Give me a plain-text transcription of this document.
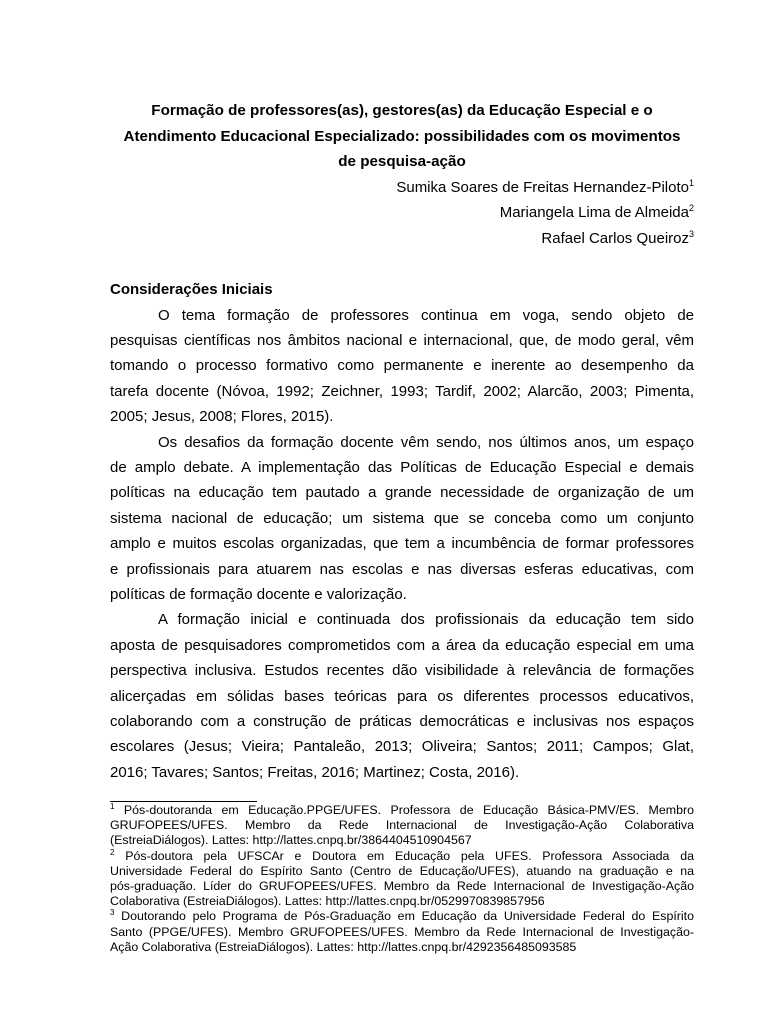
Formação de professores(as), gestores(as) da Educação Especial e o
Atendimento Educacional Especializado: possibilidades com os movimentos
de pesquisa-ação
Sumika Soares de Freitas Hernandez-Piloto$^1$
Mariangela Lima de Almeida$^2$
Rafael Carlos Queiroz$^3$
Considerações Iniciais

O tema formação de professores continua em voga, sendo objeto de
pesquisas científicas nos âmbitos nacional e internacional, que, de modo geral, vêm
tomando o processo formativo como permanente e inerente ao desempenho da
tarefa docente (Nóvoa, 1992; Zeichner, 1993; Tardif, 2002; Alarcão, 2003; Pimenta,
2005; Jesus, 2008; Flores, 2015).

Os desafios da formação docente vêm sendo, nos últimos anos, um espaço
de amplo debate. A implementação das Políticas de Educação Especial e demais
políticas na educação tem pautado a grande necessidade de organização de um
sistema nacional de educação; um sistema que se conceba como um conjunto
amplo e muitos escolas organizadas, que tem a incumbência de formar professores
e profissionais para atuarem nas escolas e nas diversas esferas educativas, com
políticas de formação docente e valorização.

A formação inicial e continuada dos profissionais da educação tem sido
aposta de pesquisadores comprometidos com a área da educação especial em uma
perspectiva inclusiva. Estudos recentes dão visibilidade à relevância de formações
alicerçadas em sólidas bases teóricas para os diferentes processos educativos,
colaborando com a construção de práticas democráticas e inclusivas nos espaços
escolares (Jesus; Vieira; Pantaleão, 2013; Oliveira; Santos; 2011; Campos; Glat,
2016; Tavares; Santos; Freitas, 2016; Martinez; Costa, 2016).

$^1$ Pós-doutoranda em Educação.PPGE/UFES. Professora de Educação Básica-PMV/ES. Membro
GRUFOPEES/UFES. Membro da Rede Internacional de Investigação-Ação Colaborativa
(EstreiaDiálogos). Lattes: http://lattes.cnpq.br/3864404510904567
$^2$ Pós-doutora pela UFSCAr e Doutora em Educação pela UFES. Professora Associada da
Universidade Federal do Espírito Santo (Centro de Educação/UFES), atuando na graduação e na
pós-graduação. Líder do GRUFOPEES/UFES. Membro da Rede Internacional de Investigação-Ação
Colaborativa (EstreiaDiálogos). Lattes: http://lattes.cnpq.br/0529970839857956
$^3$ Doutorando pelo Programa de Pós-Graduação em Educação da Universidade Federal do Espírito
Santo (PPGE/UFES). Membro GRUFOPEES/UFES. Membro da Rede Internacional de Investigação-
Ação Colaborativa (EstreiaDiálogos). Lattes: http://lattes.cnpq.br/4292356485093585
